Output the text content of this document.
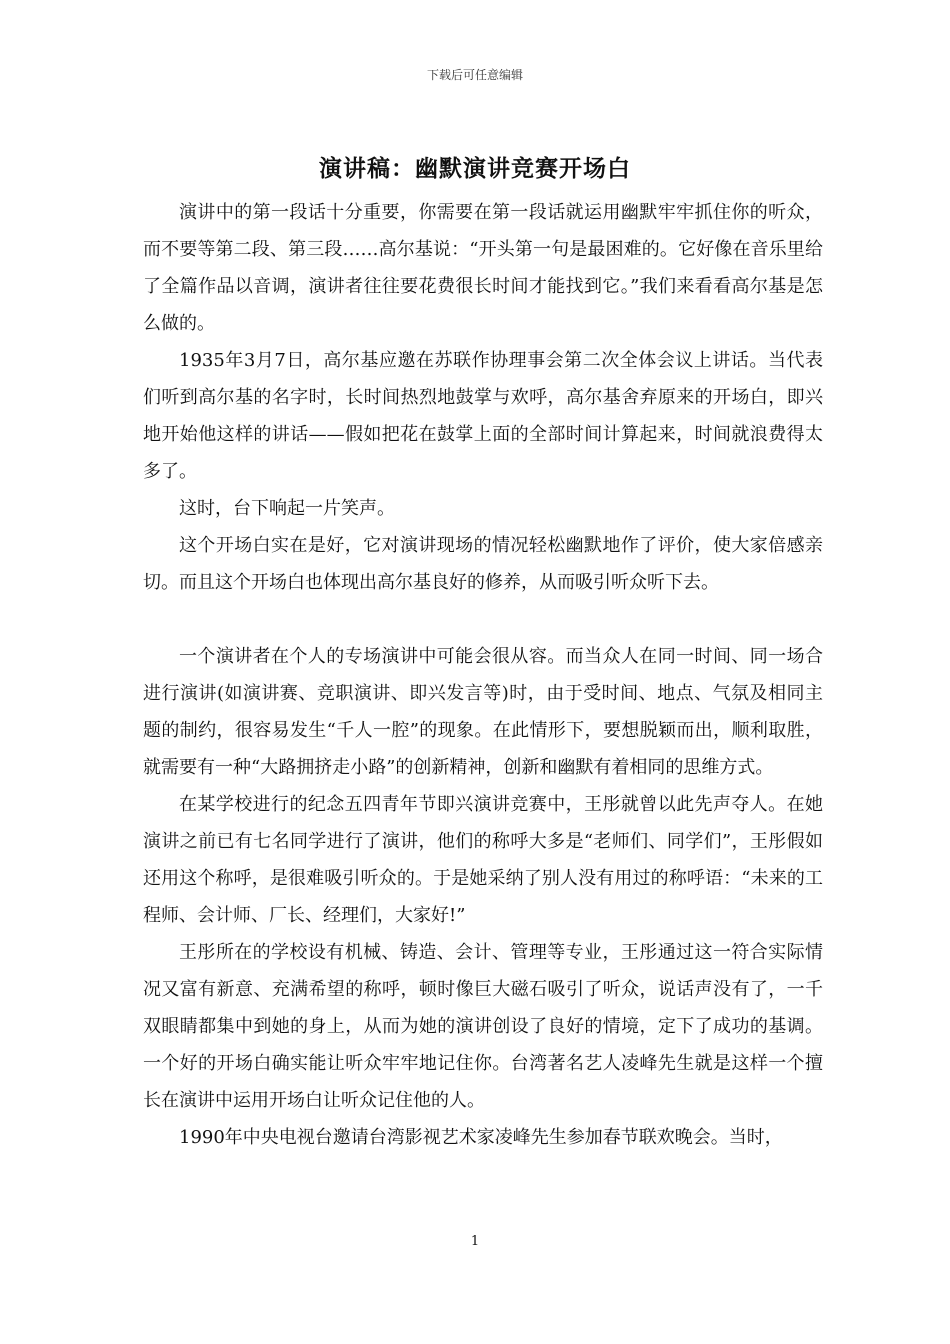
下载后可任意编辑
演讲稿：幽默演讲竞赛开场白

演讲中的第一段话十分重要，你需要在第一段话就运用幽默牢牢抓住你的听众，而不要等第二段、第三段……高尔基说：“开头第一句是最困难的。它好像在音乐里给了全篇作品以音调，演讲者往往要花费很长时间才能找到它。”我们来看看高尔基是怎么做的。

1935年3月7日，高尔基应邀在苏联作协理事会第二次全体会议上讲话。当代表们听到高尔基的名字时，长时间热烈地鼓掌与欢呼，高尔基舍弃原来的开场白，即兴地开始他这样的讲话——假如把花在鼓掌上面的全部时间计算起来，时间就浪费得太多了。

这时，台下响起一片笑声。

这个开场白实在是好，它对演讲现场的情况轻松幽默地作了评价，使大家倍感亲切。而且这个开场白也体现出高尔基良好的修养，从而吸引听众听下去。

一个演讲者在个人的专场演讲中可能会很从容。而当众人在同一时间、同一场合进行演讲(如演讲赛、竞职演讲、即兴发言等)时，由于受时间、地点、气氛及相同主题的制约，很容易发生“千人一腔”的现象。在此情形下，要想脱颖而出，顺利取胜，就需要有一种“大路拥挤走小路”的创新精神，创新和幽默有着相同的思维方式。

在某学校进行的纪念五四青年节即兴演讲竞赛中，王彤就曾以此先声夺人。在她演讲之前已有七名同学进行了演讲，他们的称呼大多是“老师们、同学们”，王彤假如还用这个称呼，是很难吸引听众的。于是她采纳了别人没有用过的称呼语：“未来的工程师、会计师、厂长、经理们，大家好!”

王彤所在的学校设有机械、铸造、会计、管理等专业，王彤通过这一符合实际情况又富有新意、充满希望的称呼，顿时像巨大磁石吸引了听众，说话声没有了，一千双眼睛都集中到她的身上，从而为她的演讲创设了良好的情境，定下了成功的基调。一个好的开场白确实能让听众牢牢地记住你。台湾著名艺人凌峰先生就是这样一个擅长在演讲中运用开场白让听众记住他的人。

1990年中央电视台邀请台湾影视艺术家凌峰先生参加春节联欢晚会。当时，

1
